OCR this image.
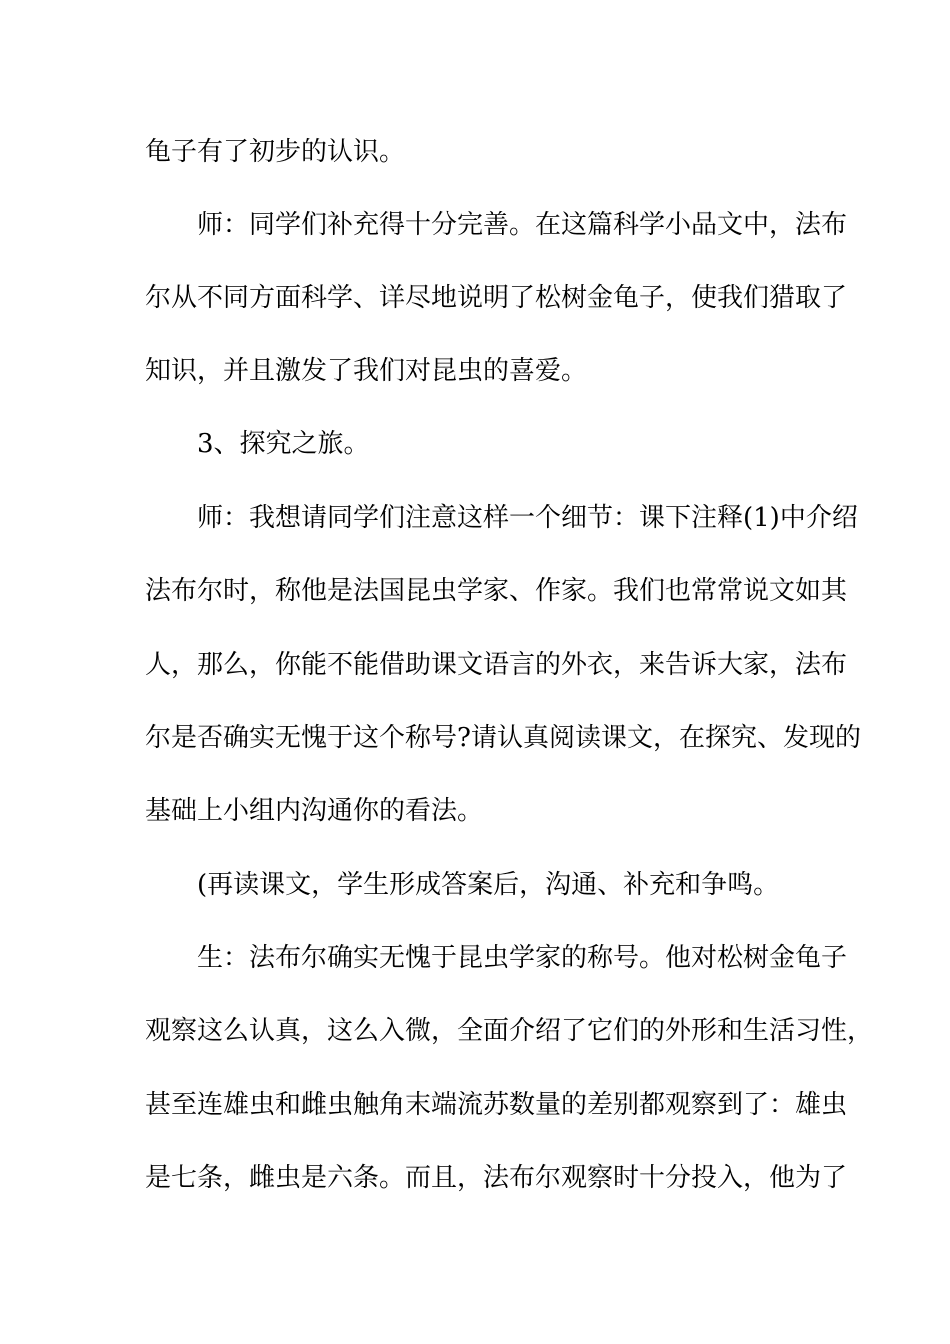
龟子有了初步的认识。
师：同学们补充得十分完善。在这篇科学小品文中，法布
尔从不同方面科学、详尽地说明了松树金龟子，使我们猎取了
知识，并且激发了我们对昆虫的喜爱。
3、探究之旅。
师：我想请同学们注意这样一个细节：课下注释(1)中介绍
法布尔时，称他是法国昆虫学家、作家。我们也常常说文如其
人，那么，你能不能借助课文语言的外衣，来告诉大家，法布
尔是否确实无愧于这个称号?请认真阅读课文，在探究、发现的
基础上小组内沟通你的看法。
(再读课文，学生形成答案后，沟通、补充和争鸣。
生：法布尔确实无愧于昆虫学家的称号。他对松树金龟子
观察这么认真，这么入微，全面介绍了它们的外形和生活习性，
甚至连雄虫和雌虫触角末端流苏数量的差别都观察到了：雄虫
是七条，雌虫是六条。而且，法布尔观察时十分投入，他为了
